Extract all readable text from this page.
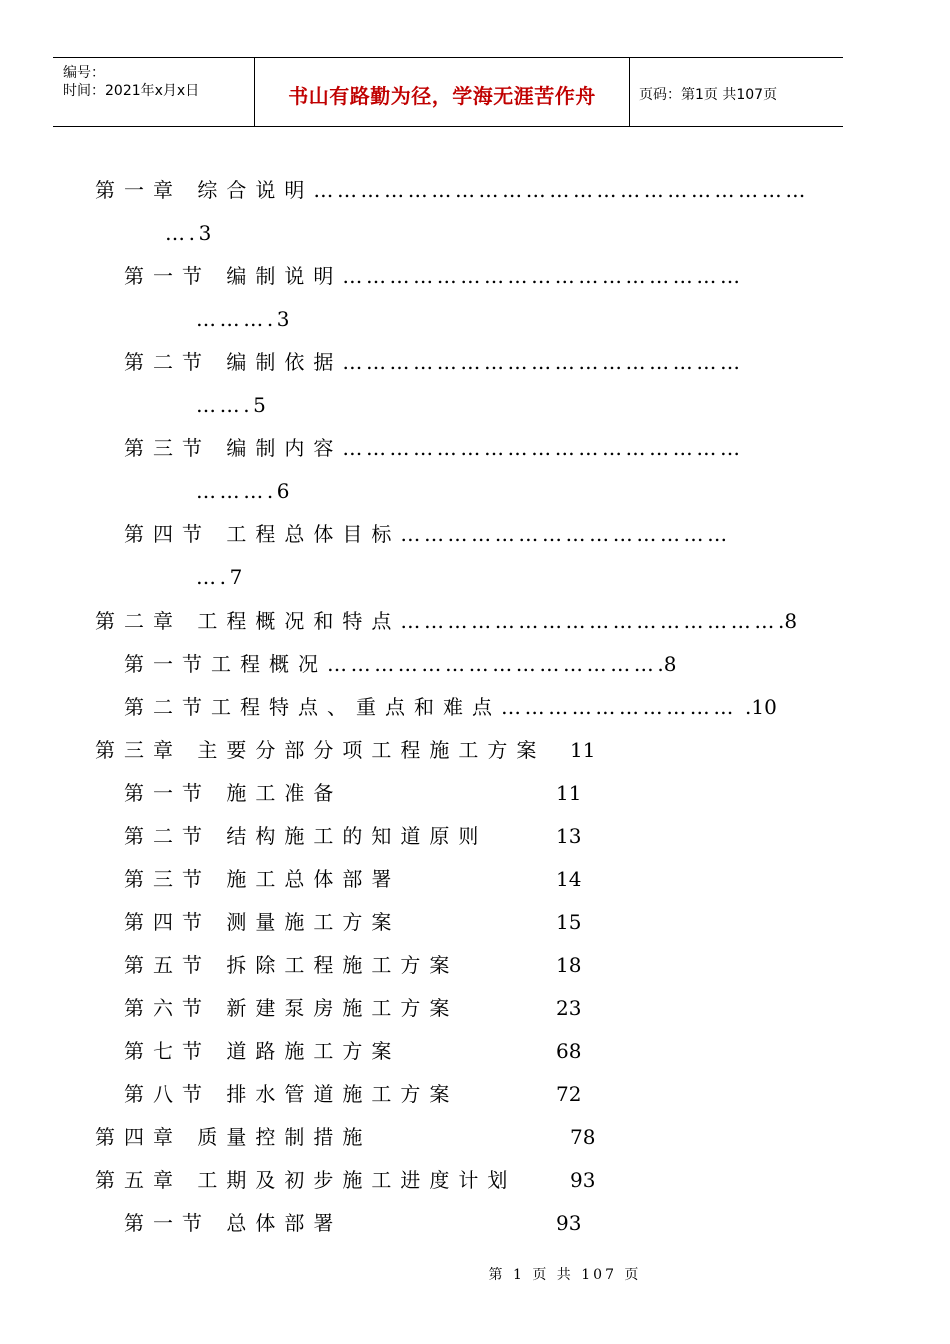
编号：
时间：2021年x月x日	书山有路勤为径，学海无涯苦作舟	页码：第1页 共107页
第一章 综合说明………………………………………………………
….3
第一节 编制说明……………………………………………
……….3
第二节 编制依据……………………………………………
…….5
第三节 编制内容……………………………………………
……….6
第四节 工程总体目标……………………………………
….7
第二章 工程概况和特点………………………………………….8
第一节工程概况…………………………………….8
第二节工程特点、重点和难点………………………… .10
第三章 主要分部分项工程施工方案 11
第一节 施工准备	11
第二节 结构施工的知道原则	13
第三节 施工总体部署	14
第四节 测量施工方案	15
第五节 拆除工程施工方案	18
第六节 新建泵房施工方案	23
第七节 道路施工方案	68
第八节 排水管道施工方案	72
第四章 质量控制措施	78
第五章 工期及初步施工进度计划	93
第一节 总体部署	93
第 1 页 共 107 页
